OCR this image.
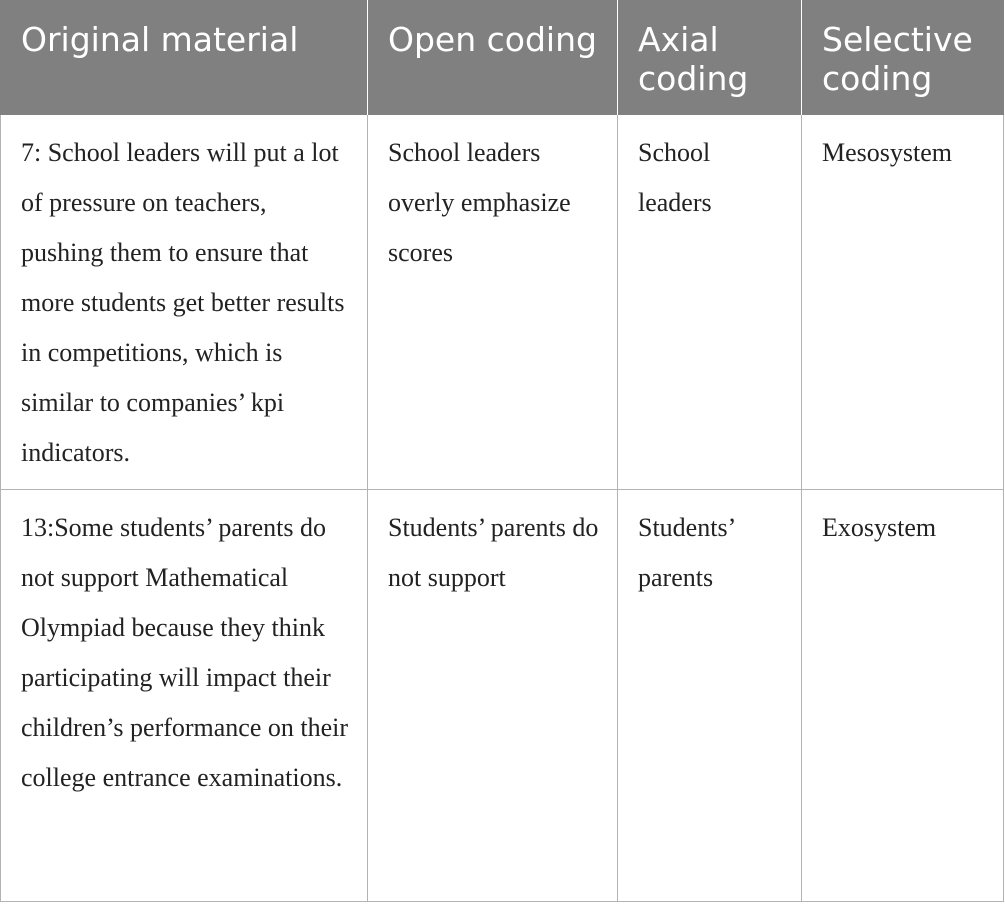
Original material	Open coding	Axial coding	Selective coding
7: School leaders will put a lot of pressure on teachers, pushing them to ensure that more students get better results in competitions, which is similar to companies’ kpi indicators.	School leaders overly emphasize scores	School leaders	Mesosystem
13:Some students’ parents do not support Mathematical Olympiad because they think participating will impact their children’s performance on their college entrance examinations.	Students’ parents do not support	Students’ parents	Exosystem
